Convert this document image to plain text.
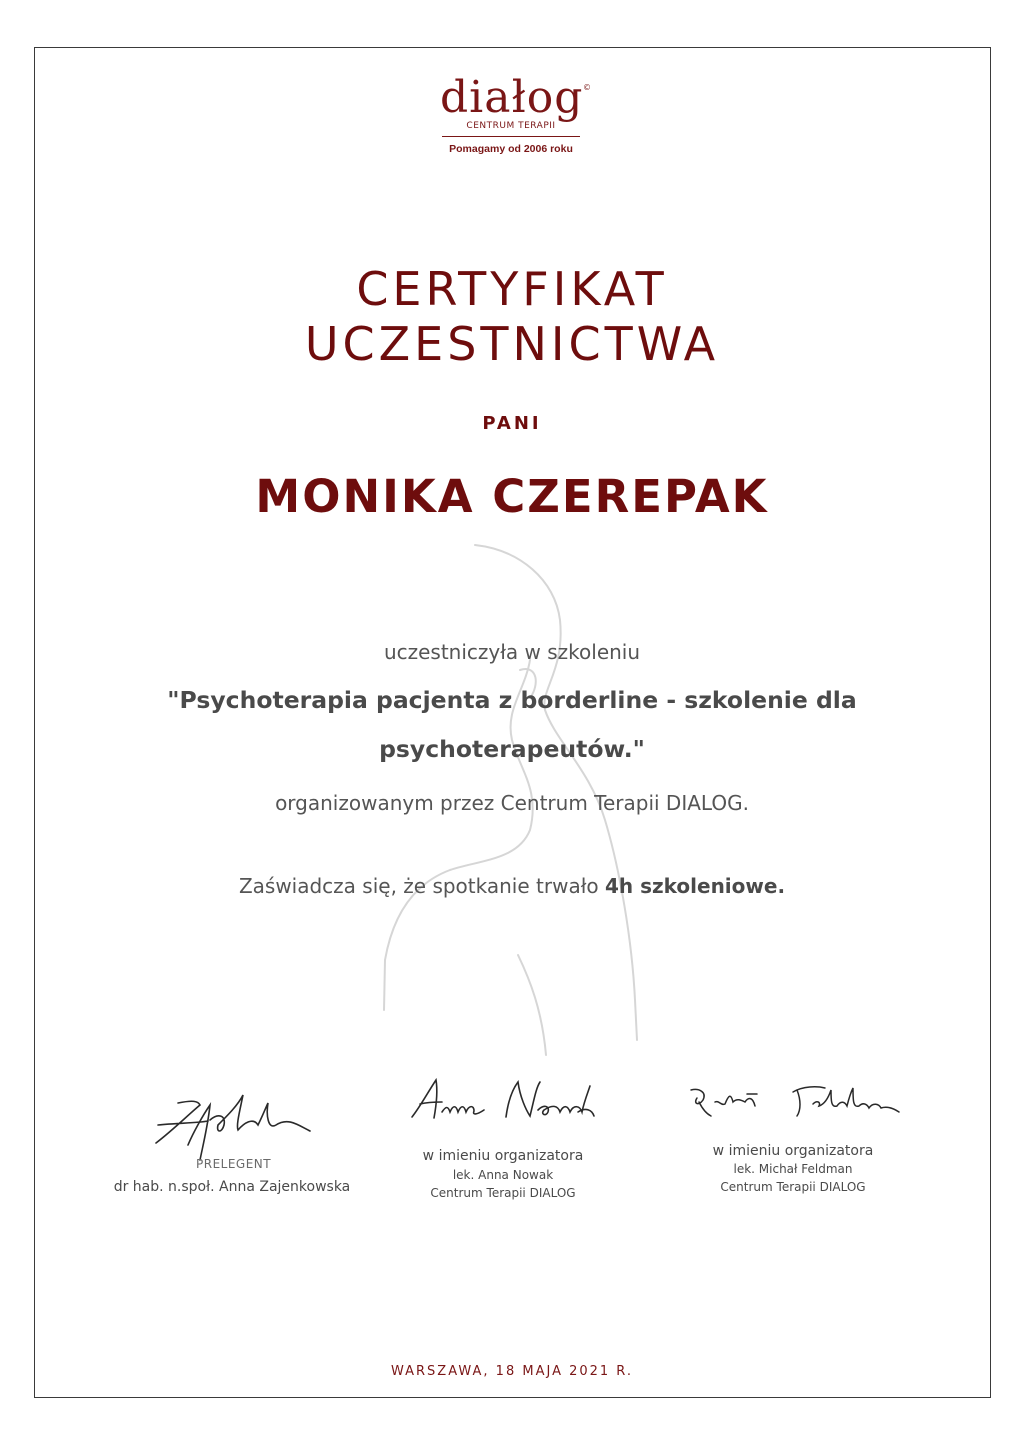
diałog ©
CENTRUM TERAPII
Pomagamy od 2006 roku
CERTYFIKAT
UCZESTNICTWA
PANI
MONIKA CZEREPAK
uczestniczyła w szkoleniu
"Psychoterapia pacjenta z borderline - szkolenie dla
psychoterapeutów."
organizowanym przez Centrum Terapii DIALOG.
Zaświadcza się, że spotkanie trwało 4h szkoleniowe.
PRELEGENT
dr hab. n.społ. Anna Zajenkowska
w imieniu organizatora
lek. Anna Nowak
Centrum Terapii DIALOG
w imieniu organizatora
lek. Michał Feldman
Centrum Terapii DIALOG
WARSZAWA, 18 MAJA 2021 R.
